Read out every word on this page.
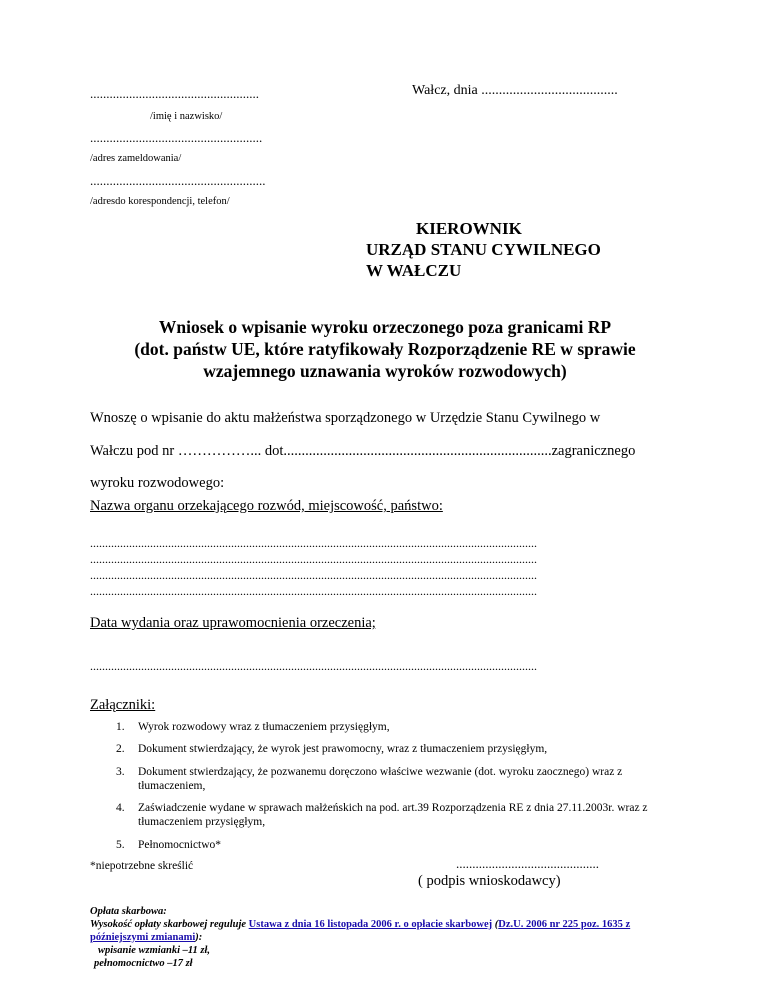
....................................................	Wałcz, dnia .......................................
/imię i nazwisko/
.....................................................
/adres zameldowania/
......................................................
/adresdo korespondencji, telefon/
KIEROWNIK
URZĄD STANU CYWILNEGO
W WAŁCZU
Wniosek o wpisanie wyroku orzeczonego poza granicami RP
(dot. państw UE, które ratyfikowały Rozporządzenie RE w sprawie
wzajemnego uznawania wyroków rozwodowych)
Wnoszę o wpisanie do aktu małżeństwa sporządzonego w Urzędzie Stanu Cywilnego w
Wałczu pod nr ……………... dot..........................................................................zagranicznego
wyroku rozwodowego:
Nazwa organu orzekającego rozwód, miejscowość, państwo:
.....................................................................................................................................................
.....................................................................................................................................................
.....................................................................................................................................................
.....................................................................................................................................................
Data wydania oraz uprawomocnienia orzeczenia;
.....................................................................................................................................................
Załączniki:
1. Wyrok rozwodowy wraz z tłumaczeniem przysięgłym,
2. Dokument stwierdzający, że wyrok jest prawomocny, wraz z tłumaczeniem przysięgłym,
3. Dokument stwierdzający, że pozwanemu doręczono właściwe wezwanie (dot. wyroku zaocznego) wraz z tłumaczeniem,
4. Zaświadczenie wydane w sprawach małżeńskich na pod. art.39 Rozporządzenia RE z dnia 27.11.2003r. wraz z tłumaczeniem przysięgłym,
5. Pełnomocnictwo*
*niepotrzebne skreślić	............................................
( podpis wnioskodawcy)
Opłata skarbowa:
Wysokość opłaty skarbowej reguluje Ustawa z dnia 16 listopada 2006 r. o opłacie skarbowej (Dz.U. 2006 nr 225 poz. 1635 z późniejszymi zmianami):
wpisanie wzmianki –11 zł,
pełnomocnictwo –17 zł
